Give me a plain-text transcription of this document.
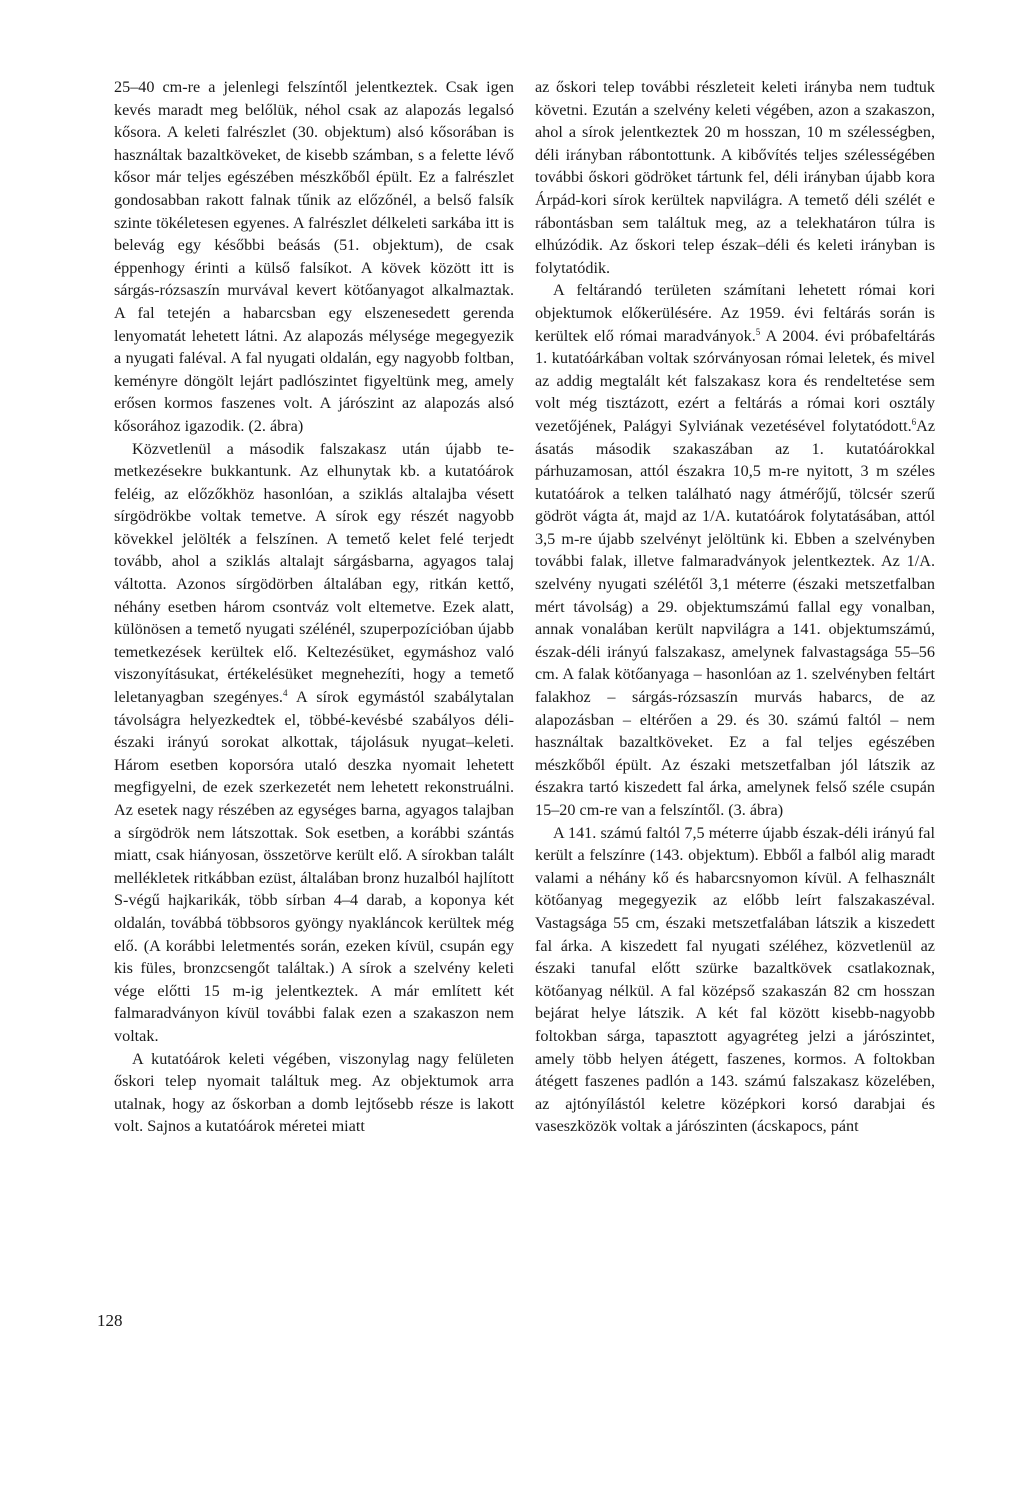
25–40 cm-re a jelenlegi felszíntől jelentkeztek. Csak igen kevés maradt meg belőlük, néhol csak az alapozás legalsó kősora. A keleti falrészlet (30. objektum) alsó kősorában is használtak bazaltköveket, de kisebb számban, s a felette lévő kősor már teljes egészében mészkőből épült. Ez a falrészlet gondosabban rakott falnak tűnik az előzőnél, a belső falsík szinte tökéletesen egyenes. A falrészlet délkeleti sarkába itt is belevág egy későbbi beásás (51. objektum), de csak éppenhogy érinti a külső falsíkot. A kövek között itt is sárgás-rózsaszín murvával kevert kötőanyagot alkalmaztak. A fal tetején a habarcsban egy elszenesedett gerenda lenyomatát lehetett látni. Az alapozás mélysége megegyezik a nyugati faléval. A fal nyugati oldalán, egy nagyobb foltban, keményre döngölt lejárt padlószintet figyeltünk meg, amely erősen kormos faszenes volt. A járószint az alapozás alsó kősorához igazodik. (2. ábra)

Közvetlenül a második falszakasz után újabb temetkezésekre bukkantunk. Az elhunytak kb. a kutatóárok feléig, az előzőkhöz hasonlóan, a sziklás altalajba vésett sírgödrökbe voltak temetve. A sírok egy részét nagyobb kövekkel jelölték a felszínen. A temető kelet felé terjedt tovább, ahol a sziklás altalajt sárgásbarna, agyagos talaj váltotta. Azonos sírgödörben általában egy, ritkán kettő, néhány esetben három csontváz volt eltemetve. Ezek alatt, különösen a temető nyugati szélénél, szuperpozícióban újabb temetkezések kerültek elő. Keltezésüket, egymáshoz való viszonyításukat, értékelésüket megnehezíti, hogy a temető leletanyagban szegényes.$^4$ A sírok egymástól szabálytalan távolságra helyezkedtek el, többé-kevésbé szabályos déli-északi irányú sorokat alkottak, tájolásuk nyugat–keleti. Három esetben koporsóra utaló deszka nyomait lehetett megfigyelni, de ezek szerkezetét nem lehetett rekonstruálni. Az esetek nagy részében az egységes barna, agyagos talajban a sírgödrök nem látszottak. Sok esetben, a korábbi szántás miatt, csak hiányosan, összetörve került elő. A sírokban talált mellékletek ritkábban ezüst, általában bronz huzalból hajlított S-végű hajkarikák, több sírban 4–4 darab, a koponya két oldalán, továbbá többsoros gyöngy nyakláncok kerültek még elő. (A korábbi leletmentés során, ezeken kívül, csupán egy kis füles, bronzcsengőt találtak.) A sírok a szelvény keleti vége előtti 15 m-ig jelentkeztek. A már említett két falmaradványon kívül további falak ezen a szakaszon nem voltak.

A kutatóárok keleti végében, viszonylag nagy felületen őskori telep nyomait találtuk meg. Az objektumok arra utalnak, hogy az őskorban a domb lejtősebb része is lakott volt. Sajnos a kutatóárok méretei miatt

az őskori telep további részleteit keleti irányba nem tudtuk követni. Ezután a szelvény keleti végében, azon a szakaszon, ahol a sírok jelentkeztek 20 m hosszan, 10 m szélességben, déli irányban rábontottunk. A kibővítés teljes szélességében további őskori gödröket tártunk fel, déli irányban újabb kora Árpád-kori sírok kerültek napvilágra. A temető déli szélét e rábontásban sem találtuk meg, az a telekhatáron túlra is elhúzódik. Az őskori telep észak–déli és keleti irányban is folytatódik.

A feltárandó területen számítani lehetett római kori objektumok előkerülésére. Az 1959. évi feltárás során is kerültek elő római maradványok.$^5$ A 2004. évi próbafeltárás 1. kutatóárkában voltak szórványosan római leletek, és mivel az addig megtalált két falszakasz kora és rendeltetése sem volt még tisztázott, ezért a feltárás a római kori osztály vezetőjének, Palágyi Sylviának vezetésével folytatódott.$^6$Az ásatás második szakaszában az 1. kutatóárokkal párhuzamosan, attól északra 10,5 m-re nyitott, 3 m széles kutatóárok a telken található nagy átmérőjű, tölcsér szerű gödröt vágta át, majd az 1/A. kutatóárok folytatásában, attól 3,5 m-re újabb szelvényt jelöltünk ki. Ebben a szelvényben további falak, illetve falmaradványok jelentkeztek. Az 1/A. szelvény nyugati szélétől 3,1 méterre (északi metszetfalban mért távolság) a 29. objektumszámú fallal egy vonalban, annak vonalában került napvilágra a 141. objektumszámú, észak-déli irányú falszakasz, amelynek falvastagsága 55–56 cm. A falak kötőanyaga – hasonlóan az 1. szelvényben feltárt falakhoz – sárgás-rózsaszín murvás habarcs, de az alapozásban – eltérően a 29. és 30. számú faltól – nem használtak bazaltköveket. Ez a fal teljes egészében mészkőből épült. Az északi metszetfalban jól látszik az északra tartó kiszedett fal árka, amelynek felső széle csupán 15–20 cm-re van a felszíntől. (3. ábra)

A 141. számú faltól 7,5 méterre újabb észak-déli irányú fal került a felszínre (143. objektum). Ebből a falból alig maradt valami a néhány kő és habarcsnyomon kívül. A felhasznált kötőanyag megegyezik az előbb leírt falszakaszéval. Vastagsága 55 cm, északi metszetfalában látszik a kiszedett fal árka. A kiszedett fal nyugati széléhez, közvetlenül az északi tanufal előtt szürke bazaltkövek csatlakoznak, kötőanyag nélkül. A fal középső szakaszán 82 cm hosszan bejárat helye látszik. A két fal között kisebb-nagyobb foltokban sárga, tapasztott agyagréteg jelzi a járószintet, amely több helyen átégett, faszenes, kormos. A foltokban átégett faszenes padlón a 143. számú falszakasz közelében, az ajtónyílástól keletre középkori korsó darabjai és vaseszközök voltak a járószinten (ácskapocs, pánt

128
